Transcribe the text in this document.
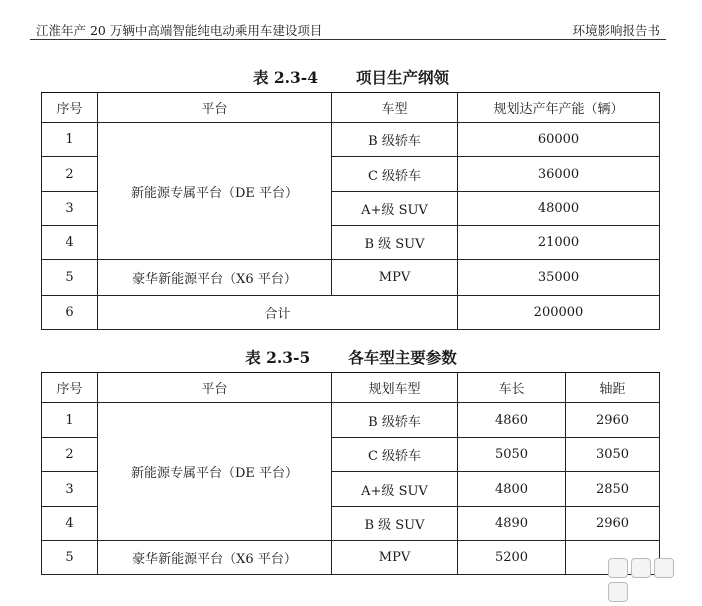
江淮年产 20 万辆中高端智能纯电动乘用车建设项目	环境影响报告书
表 2.3-4 项目生产纲领
序号	平台	车型	规划达产年产能（辆）
1	新能源专属平台（DE 平台）	B 级轿车	60000
2		C 级轿车	36000
3		A+级 SUV	48000
4		B 级 SUV	21000
5	豪华新能源平台（X6 平台）	MPV	35000
6	合计		200000
表 2.3-5 各车型主要参数
序号	平台	规划车型	车长	轴距
1	新能源专属平台（DE 平台）	B 级轿车	4860	2960
2		C 级轿车	5050	3050
3		A+级 SUV	4800	2850
4		B 级 SUV	4890	2960
5	豪华新能源平台（X6 平台）	MPV	5200	
